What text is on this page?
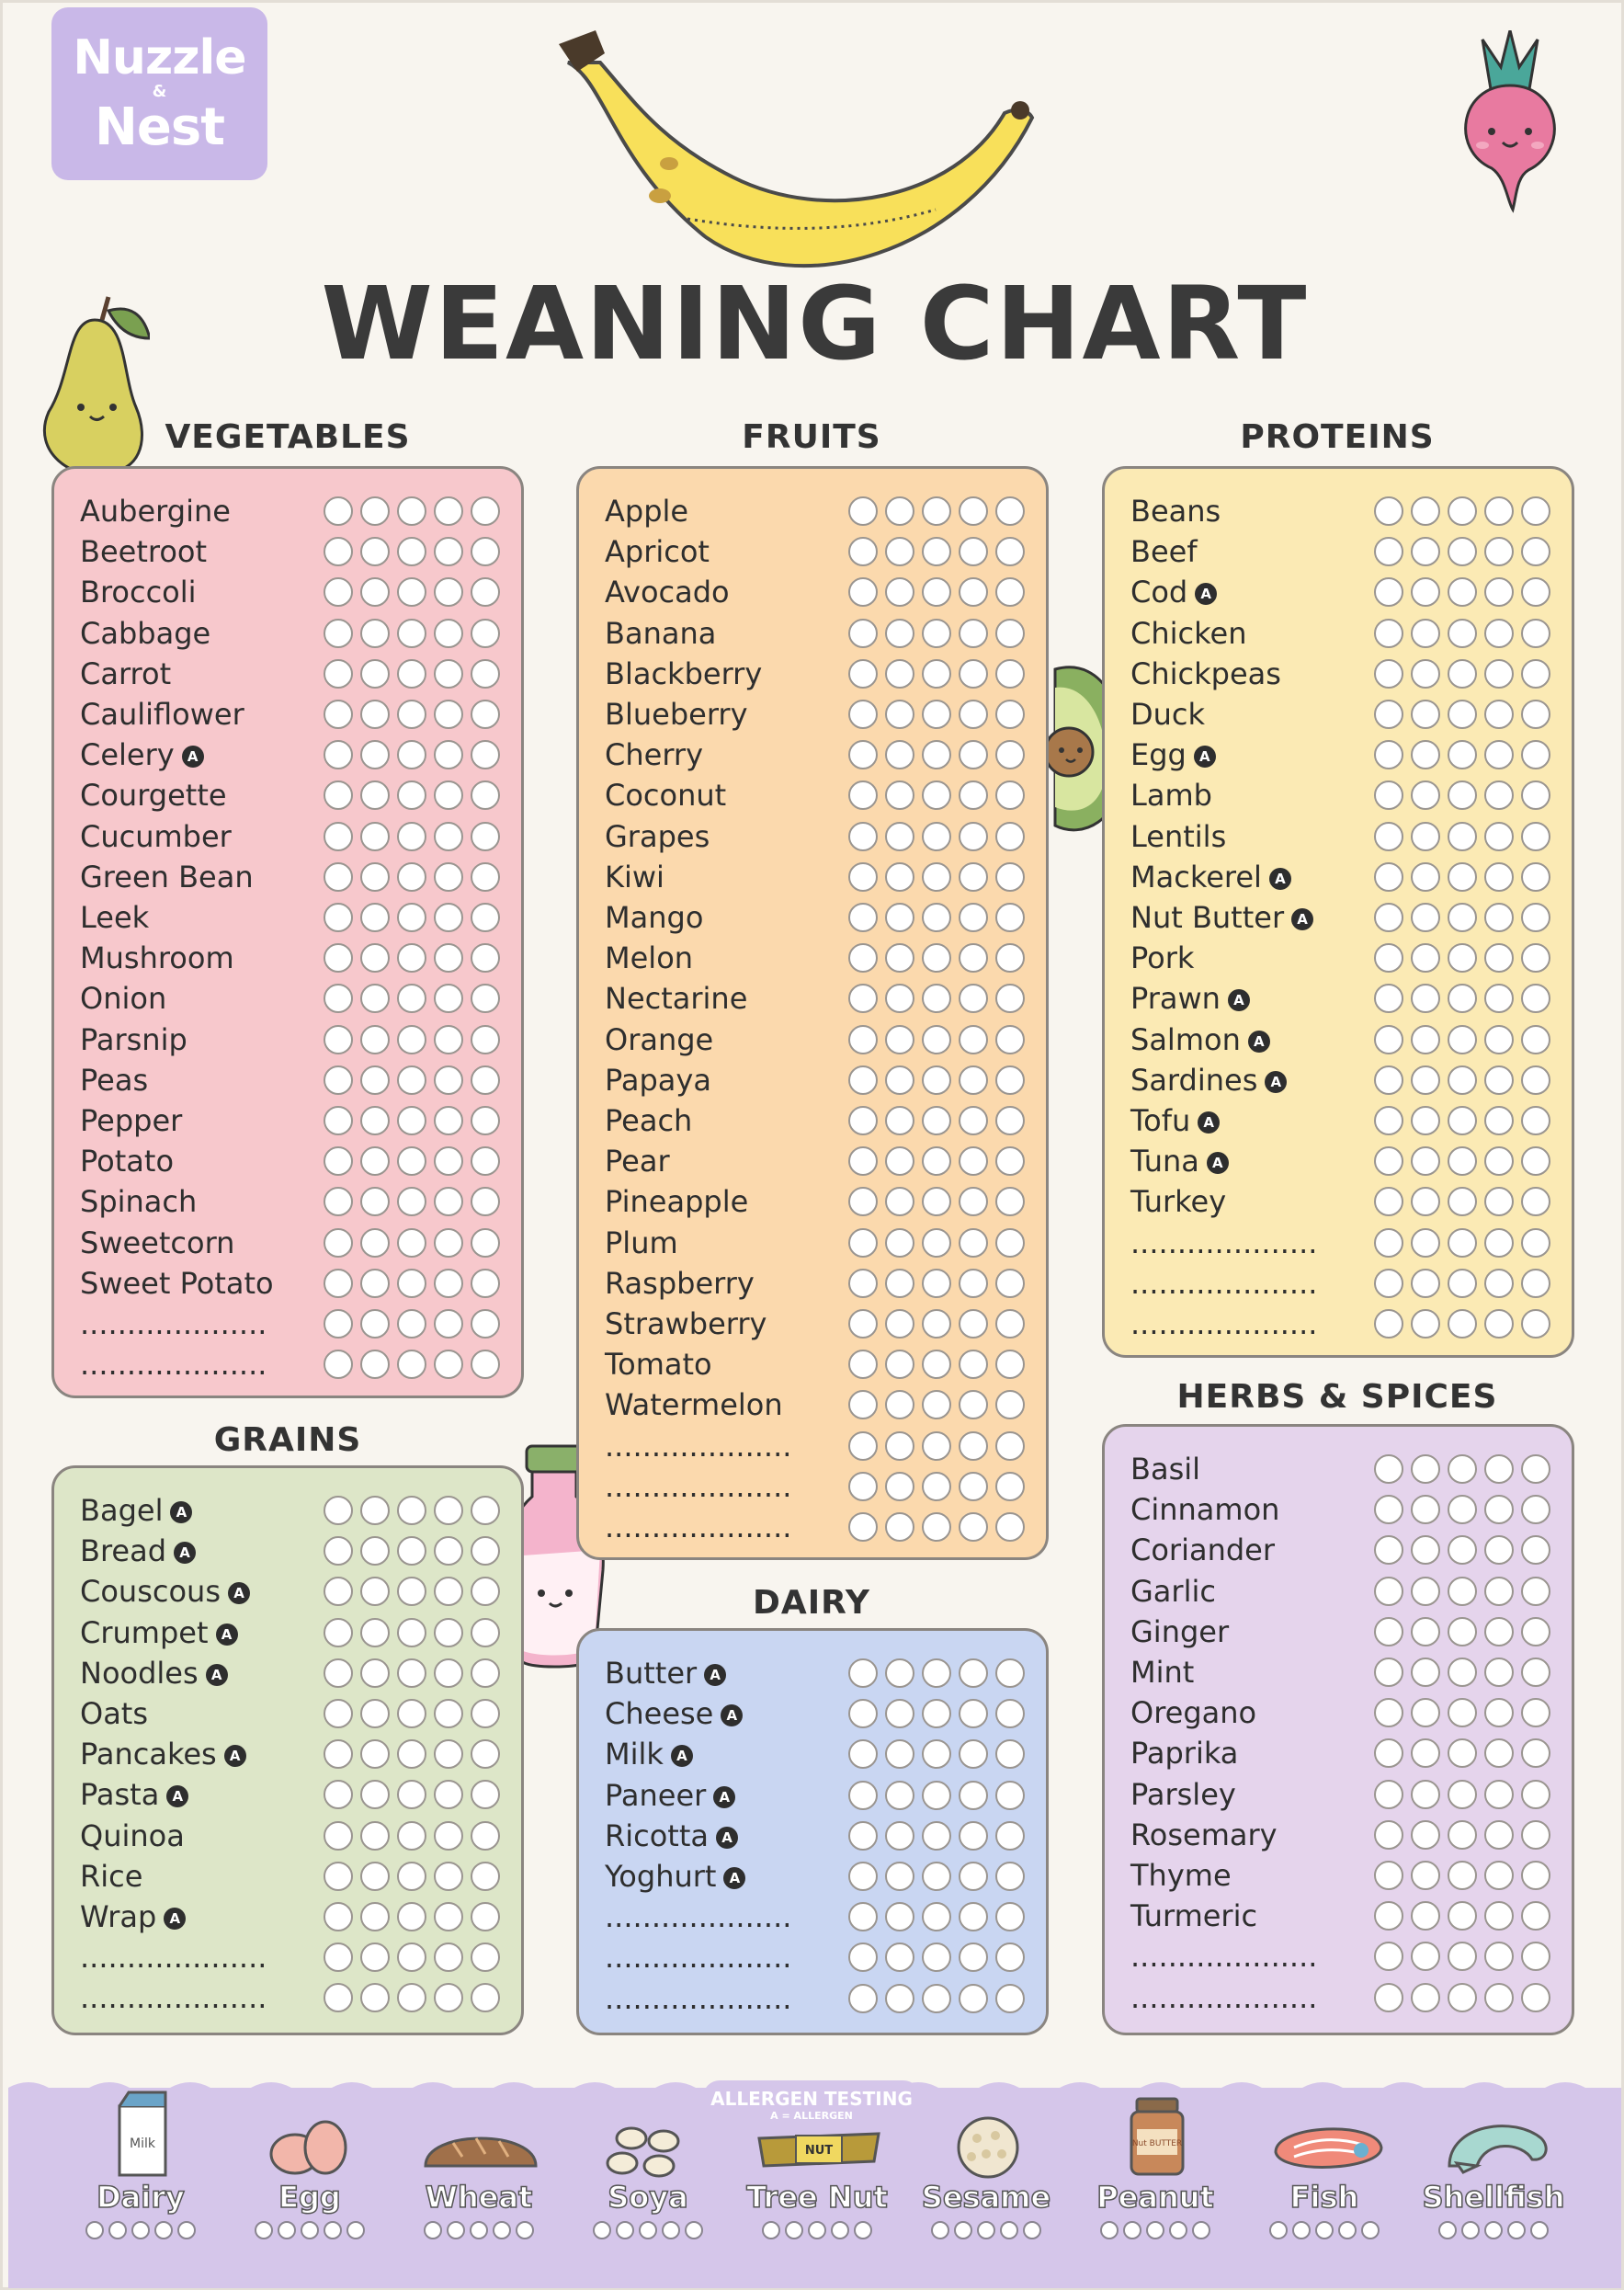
Nuzzle
&
Nest
WEANING CHART
VEGETABLES	FRUITS	PROTEINS
GRAINS
DAIRY
HERBS & SPICES
Aubergine
Beetroot
Broccoli
Cabbage
Carrot
Cauliflower
Celery A
Courgette
Cucumber
Green Bean
Leek
Mushroom
Onion
Parsnip
Peas
Pepper
Potato
Spinach
Sweetcorn
Sweet Potato
....................
....................
Apple
Apricot
Avocado
Banana
Blackberry
Blueberry
Cherry
Coconut
Grapes
Kiwi
Mango
Melon
Nectarine
Orange
Papaya
Peach
Pear
Pineapple
Plum
Raspberry
Strawberry
Tomato
Watermelon
....................
....................
....................
Beans
Beef
Cod A
Chicken
Chickpeas
Duck
Egg A
Lamb
Lentils
Mackerel A
Nut Butter A
Pork
Prawn A
Salmon A
Sardines A
Tofu A
Tuna A
Turkey
....................
....................
....................
Bagel A
Bread A
Couscous A
Crumpet A
Noodles A
Oats
Pancakes A
Pasta A
Quinoa
Rice
Wrap A
....................
....................
Butter A
Cheese A
Milk A
Paneer A
Ricotta A
Yoghurt A
....................
....................
....................
Basil
Cinnamon
Coriander
Garlic
Ginger
Mint
Oregano
Paprika
Parsley
Rosemary
Thyme
Turmeric
....................
....................
ALLERGEN TESTING
A = ALLERGEN
Milk
Dairy	Egg	Wheat	Soya
NUT
Tree Nut	Sesame
Nut BUTTER
Peanut	Fish	Shellfish
